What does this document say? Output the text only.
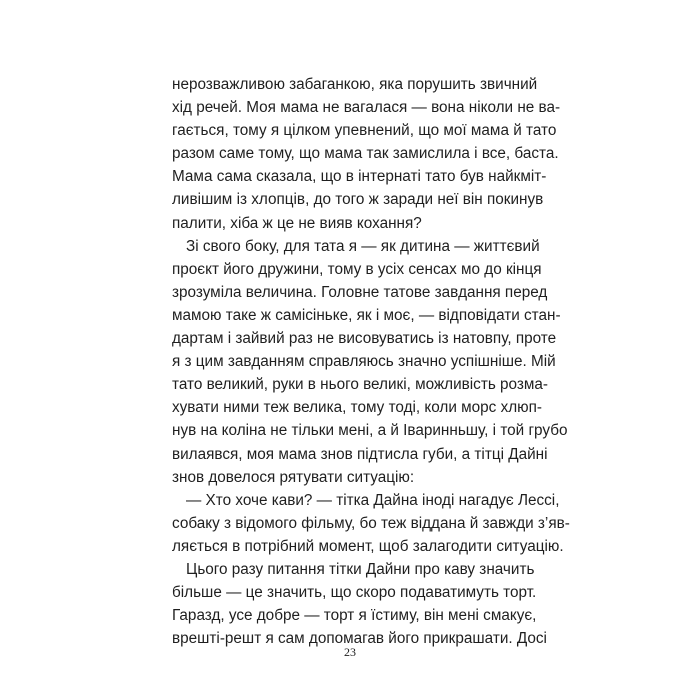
нерозважливою забаганкою, яка порушить звичний
хід речей. Моя мама не вагалася — вона ніколи не ва-
гається, тому я цілком упевнений, що мої мама й тато
разом саме тому, що мама так замислила і все, баста.
Мама сама сказала, що в інтернаті тато був найкміт-
ливішим із хлопців, до того ж заради неї він покинув
палити, хіба ж це не вияв кохання?
Зі свого боку, для тата я — як дитина — життєвий
проєкт його дружини, тому в усіх сенсах мо до кінця
зрозуміла величина. Головне татове завдання перед
мамою таке ж самісіньке, як і моє, — відповідати стан-
дартам і зайвий раз не висовуватись із натовпу, проте
я з цим завданням справляюсь значно успішніше. Мій
тато великий, руки в нього великі, можливість розма-
хувати ними теж велика, тому тоді, коли морс хлюп-
нув на коліна не тільки мені, а й Іваринньшу, і той грубо
вилаявся, моя мама знов підтисла губи, а тітці Дайні
знов довелося рятувати ситуацію:
— Хто хоче кави? — тітка Дайна іноді нагадує Лессі,
собаку з відомого фільму, бо теж віддана й завжди з’яв-
ляється в потрібний момент, щоб залагодити ситуацію.
Цього разу питання тітки Дайни про каву значить
більше — це значить, що скоро подаватимуть торт.
Гаразд, усе добре — торт я їстиму, він мені смакує,
врешті-решт я сам допомагав його прикрашати. Досі
23
